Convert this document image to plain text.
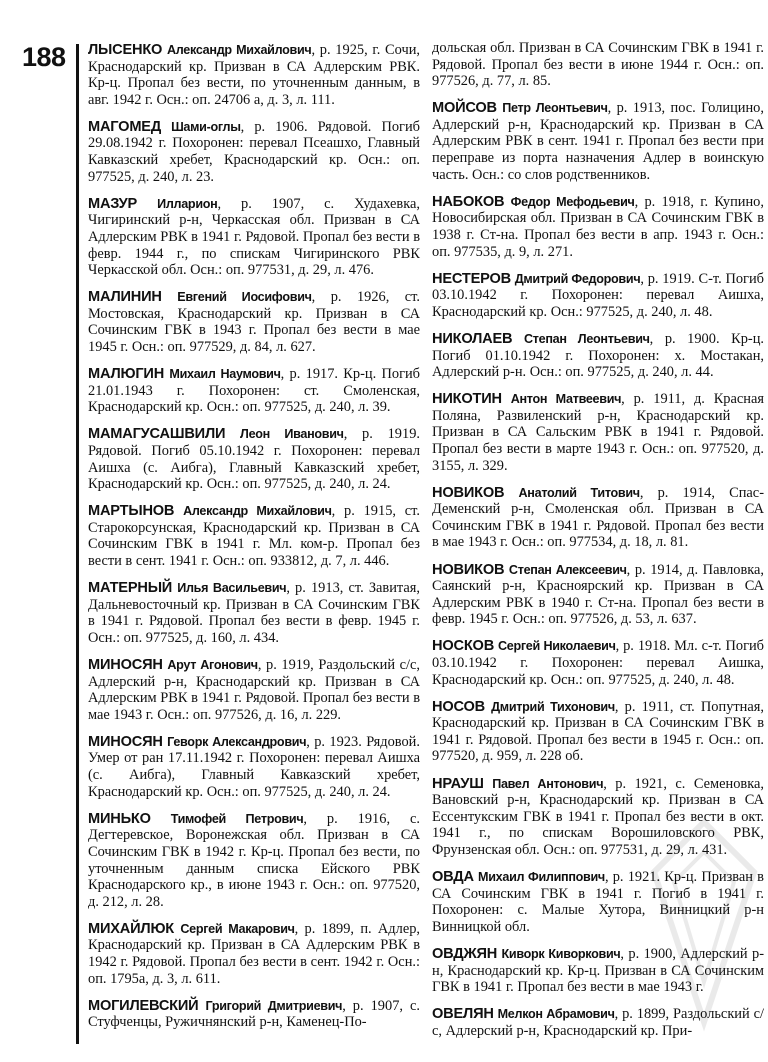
188 ЛЫСЕНКО Александр Михайлович, р. 1925, г. Сочи, Краснодарский кр. Призван в СА Адлерским РВК. Кр-ц. Пропал без вести, по уточненным данным, в авг. 1942 г. Осн.: оп. 24706 а, д. 3, л. 111.

МАГОМЕД Шами-оглы, р. 1906. Рядовой. Погиб 29.08.1942 г. Похоронен: перевал Псеашхо, Главный Кавказский хребет, Краснодарский кр. Осн.: оп. 977525, д. 240, л. 23.

МАЗУР Илларион, р. 1907, с. Худахевка, Чигиринский р-н, Черкасская обл. Призван в СА Адлерским РВК в 1941 г. Рядовой. Пропал без вести в февр. 1944 г., по спискам Чигиринского РВК Черкасской обл. Осн.: оп. 977531, д. 29, л. 476.

МАЛИНИН Евгений Иосифович, р. 1926, ст. Мостовская, Краснодарский кр. Призван в СА Сочинским ГВК в 1943 г. Пропал без вести в мае 1945 г. Осн.: оп. 977529, д. 84, л. 627.

МАЛЮГИН Михаил Наумович, р. 1917. Кр-ц. Погиб 21.01.1943 г. Похоронен: ст. Смоленская, Краснодарский кр. Осн.: оп. 977525, д. 240, л. 39.

МАМАГУСАШВИЛИ Леон Иванович, р. 1919. Рядовой. Погиб 05.10.1942 г. Похоронен: перевал Аишха (с. Аибга), Главный Кавказский хребет, Краснодарский кр. Осн.: оп. 977525, д. 240, л. 24.

МАРТЫНОВ Александр Михайлович, р. 1915, ст. Старокорсунская, Краснодарский кр. Призван в СА Сочинским ГВК в 1941 г. Мл. ком-р. Пропал без вести в сент. 1941 г. Осн.: оп. 933812, д. 7, л. 446.

МАТЕРНЫЙ Илья Васильевич, р. 1913, ст. Завитая, Дальневосточный кр. Призван в СА Сочинским ГВК в 1941 г. Рядовой. Пропал без вести в февр. 1945 г. Осн.: оп. 977525, д. 160, л. 434.

МИНОСЯН Арут Агонович, р. 1919, Раздольский с/с, Адлерский р-н, Краснодарский кр. Призван в СА Адлерским РВК в 1941 г. Рядовой. Пропал без вести в мае 1943 г. Осн.: оп. 977526, д. 16, л. 229.

МИНОСЯН Геворк Александрович, р. 1923. Рядовой. Умер от ран 17.11.1942 г. Похоронен: перевал Аишха (с. Аибга), Главный Кавказский хребет, Краснодарский кр. Осн.: оп. 977525, д. 240, л. 24.

МИНЬКО Тимофей Петрович, р. 1916, с. Дегтеревское, Воронежская обл. Призван в СА Сочинским ГВК в 1942 г. Кр-ц. Пропал без вести, по уточненным данным списка Ейского РВК Краснодарского кр., в июне 1943 г. Осн.: оп. 977520, д. 212, л. 28.

МИХАЙЛЮК Сергей Макарович, р. 1899, п. Адлер, Краснодарский кр. Призван в СА Адлерским РВК в 1942 г. Рядовой. Пропал без вести в сент. 1942 г. Осн.: оп. 1795а, д. 3, л. 611.

МОГИЛЕВСКИЙ Григорий Дмитриевич, р. 1907, с. Стуфченцы, Ружичнянский р-н, Каменец-По-

дольская обл. Призван в СА Сочинским ГВК в 1941 г. Рядовой. Пропал без вести в июне 1944 г. Осн.: оп. 977526, д. 77, л. 85.

МОЙСОВ Петр Леонтьевич, р. 1913, пос. Голицино, Адлерский р-н, Краснодарский кр. Призван в СА Адлерским РВК в сент. 1941 г. Пропал без вести при переправе из порта назначения Адлер в воинскую часть. Осн.: со слов родственников.

НАБОКОВ Федор Мефодьевич, р. 1918, г. Купино, Новосибирская обл. Призван в СА Сочинским ГВК в 1938 г. Ст-на. Пропал без вести в апр. 1943 г. Осн.: оп. 977535, д. 9, л. 271.

НЕСТЕРОВ Дмитрий Федорович, р. 1919. С-т. Погиб 03.10.1942 г. Похоронен: перевал Аишха, Краснодарский кр. Осн.: 977525, д. 240, л. 48.

НИКОЛАЕВ Степан Леонтьевич, р. 1900. Кр-ц. Погиб 01.10.1942 г. Похоронен: х. Мостакан, Адлерский р-н. Осн.: оп. 977525, д. 240, л. 44.

НИКОТИН Антон Матвеевич, р. 1911, д. Красная Поляна, Развиленский р-н, Краснодарский кр. Призван в СА Сальским РВК в 1941 г. Рядовой. Пропал без вести в марте 1943 г. Осн.: оп. 977520, д. 3155, л. 329.

НОВИКОВ Анатолий Титович, р. 1914, Спас-Деменский р-н, Смоленская обл. Призван в СА Сочинским ГВК в 1941 г. Рядовой. Пропал без вести в мае 1943 г. Осн.: оп. 977534, д. 18, л. 81.

НОВИКОВ Степан Алексеевич, р. 1914, д. Павловка, Саянский р-н, Красноярский кр. Призван в СА Адлерским РВК в 1940 г. Ст-на. Пропал без вести в февр. 1945 г. Осн.: оп. 977526, д. 53, л. 637.

НОСКОВ Сергей Николаевич, р. 1918. Мл. с-т. Погиб 03.10.1942 г. Похоронен: перевал Аишка, Краснодарский кр. Осн.: оп. 977525, д. 240, л. 48.

НОСОВ Дмитрий Тихонович, р. 1911, ст. Попутная, Краснодарский кр. Призван в СА Сочинским ГВК в 1941 г. Рядовой. Пропал без вести в 1945 г. Осн.: оп. 977520, д. 959, л. 228 об.

НРАУШ Павел Антонович, р. 1921, с. Семеновка, Вановский р-н, Краснодарский кр. Призван в СА Ессентукским ГВК в 1941 г. Пропал без вести в окт. 1941 г., по спискам Ворошиловского РВК, Фрунзенская обл. Осн.: оп. 977531, д. 29, л. 431.

ОВДА Михаил Филиппович, р. 1921. Кр-ц. Призван в СА Сочинским ГВК в 1941 г. Погиб в 1941 г. Похоронен: с. Малые Хутора, Винницкий р-н Винницкой обл.

ОВДЖЯН Киворк Киворкович, р. 1900, Адлерский р-н, Краснодарский кр. Кр-ц. Призван в СА Сочинским ГВК в 1941 г. Пропал без вести в мае 1943 г.

ОВЕЛЯН Мелкон Абрамович, р. 1899, Раздольский с/с, Адлерский р-н, Краснодарский кр. При-
